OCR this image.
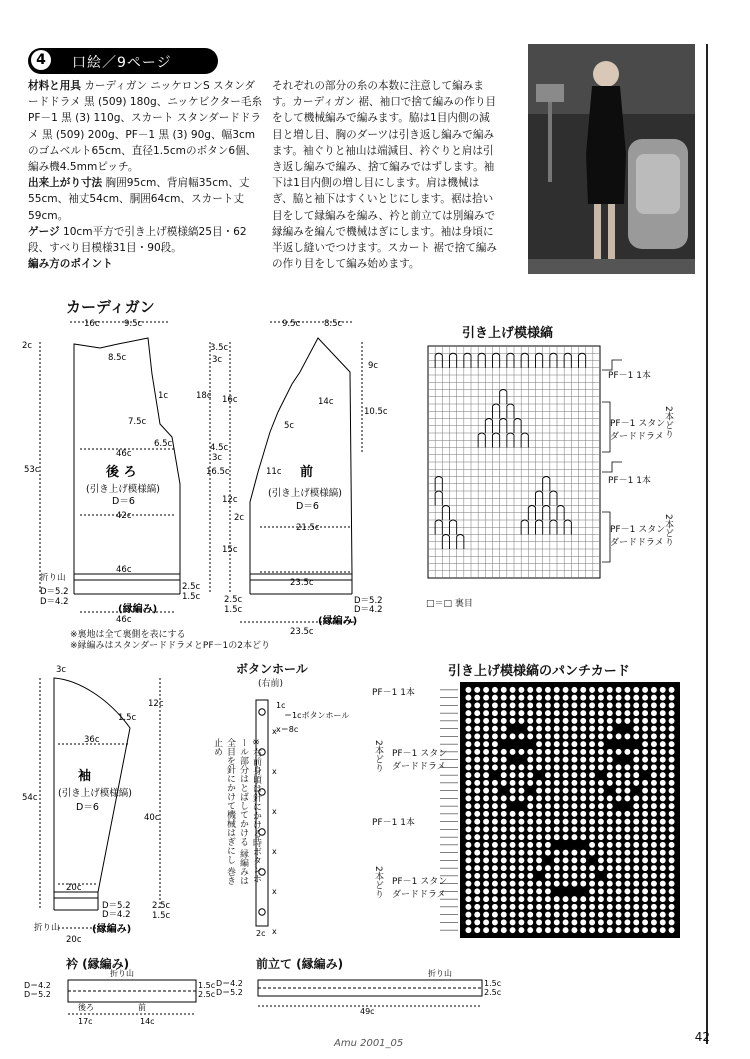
4	口絵／9ページ

材料と用具 カーディガン ニッケロンS スタンダードドラメ 黒 (509) 180g、ニッケビクター毛糸 PF－1 黒 (3) 110g、スカート スタンダードドラメ 黒 (509) 200g、PF－1 黒 (3) 90g、幅3cmのゴムベルト65cm、直径1.5cmのボタン6個、編み機4.5mmピッチ。

出来上がり寸法 胸囲95cm、背肩幅35cm、丈55cm、袖丈54cm、胴囲64cm、スカート丈59cm。

ゲージ 10cm平方で引き上げ模様縞25目・62段、すべり目模様31目・90段。

編み方のポイント

それぞれの部分の糸の本数に注意して編みます。カーディガン 裾、袖口で捨て編みの作り目をして機械編みで編みます。脇は1目内側の減目と増し目、胸のダーツは引き返し編みで編みます。袖ぐりと袖山は端減目、衿ぐりと肩は引き返し編みで編み、捨て編みではずします。袖下は1目内側の増し目にします。肩は機械はぎ、脇と袖下はすくいとじにします。裾は拾い目をして縁編みを編み、衿と前立ては別編みで縁編みを編んで機械はぎにします。袖は身頃に半返し縫いでつけます。スカート 裾で捨て編みの作り目をして編み始めます。

カーディガン
16c	9.5c
2c
8.5c
1c
7.5c
6.5c
46c
42c
53c
46c
46c
2.5c
1.5c
D＝5.2
D＝4.2
9.5c	8.5c
3.5c
3c
18c 16c	14c
9c
10.5c
5c
4.5c
3c
11c
16.5c
12c
2c
21.5c
15c
23.5c
23.5c
D＝5.2
D＝4.2
2.5c
1.5c
後 ろ
(引き上げ模様縞)
D＝6
前
(引き上げ模様縞)
D＝6
折り山
(縁編み)
(縁編み)
※裏地は全て裏側を表にする
※縁編みはスタンダードドラメとPF－1の2本どり
引き上げ模様縞
PF－1 1本
PF－1 スタンダードドラメ 2本どり
PF－1 1本
PF－1 スタンダードドラメ 2本どり
□＝□ 裏目
3c
12c
1.5c
36c
54c
40c
20c
20c
D＝5.2
D＝4.2
2.5c
1.5c
折り山
袖
(引き上げ模様縞)
D＝6
(縁編み)
ボタンホール
(右前)
1c
＝1cボタンホール
x＝8c
2c
x
x
x
x
x
x
※右前身頃は針にかける時ボタンホール部分はとばしてかける 縁編みは全目を針にかけて機械はぎにし 巻き止め
引き上げ模様縞のパンチカード
PF－1 1本
PF－1 スタンダードドラメ
2本どり
PF－1 1本
PF－1 スタンダードドラメ
2本どり
衿 (縁編み)
折り山
D＝4.2
D＝5.2
1.5c
2.5c
後ろ	前
17c	14c
前立て (縁編み)
折り山
D＝4.2
D＝5.2
1.5c
2.5c
49c
Amu 2001_05	42
